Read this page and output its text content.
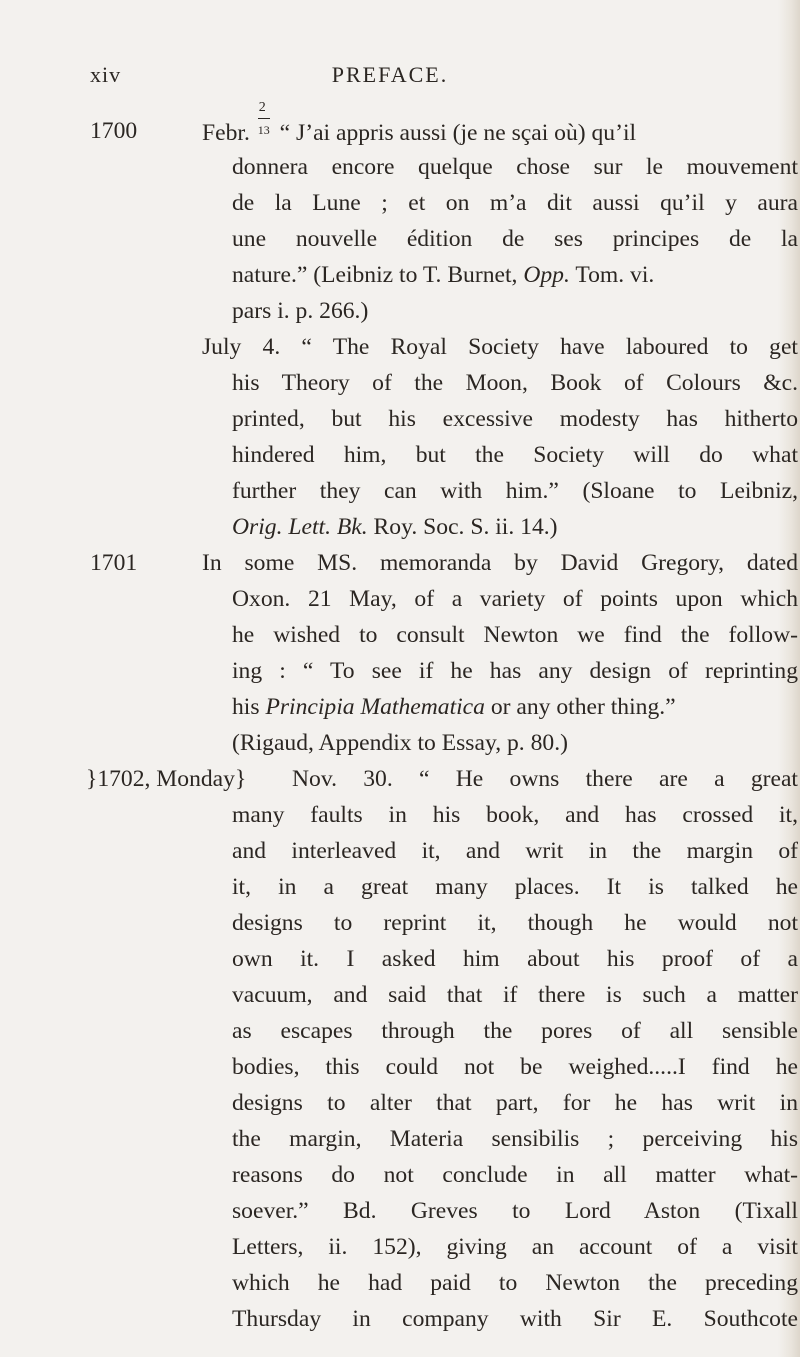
xiv	PREFACE.
1700	Febr. $\frac{2}{13}$ “ J’ai appris aussi (je ne sçai où) qu’il
donnera encore quelque chose sur le mouvement
de la Lune ; et on m’a dit aussi qu’il y aura
une nouvelle édition de ses principes de la
nature.” (Leibniz to T. Burnet, Opp. Tom. vi.
pars i. p. 266.)
July 4. “ The Royal Society have laboured to get
his Theory of the Moon, Book of Colours &c.
printed, but his excessive modesty has hitherto
hindered him, but the Society will do what
further they can with him.” (Sloane to Leibniz,
Orig. Lett. Bk. Roy. Soc. S. ii. 14.)
1701	In some MS. memoranda by David Gregory, dated
Oxon. 21 May, of a variety of points upon which
he wished to consult Newton we find the follow-
ing : “ To see if he has any design of reprinting
his Principia Mathematica or any other thing.”
(Rigaud, Appendix to Essay, p. 80.)
}1702, Monday} Nov. 30. “ He owns there are a great
many faults in his book, and has crossed it,
and interleaved it, and writ in the margin of
it, in a great many places. It is talked he
designs to reprint it, though he would not
own it. I asked him about his proof of a
vacuum, and said that if there is such a matter
as escapes through the pores of all sensible
bodies, this could not be weighed.....I find he
designs to alter that part, for he has writ in
the margin, Materia sensibilis ; perceiving his
reasons do not conclude in all matter what-
soever.” Bd. Greves to Lord Aston (Tixall
Letters, ii. 152), giving an account of a visit
which he had paid to Newton the preceding
Thursday in company with Sir E. Southcote
